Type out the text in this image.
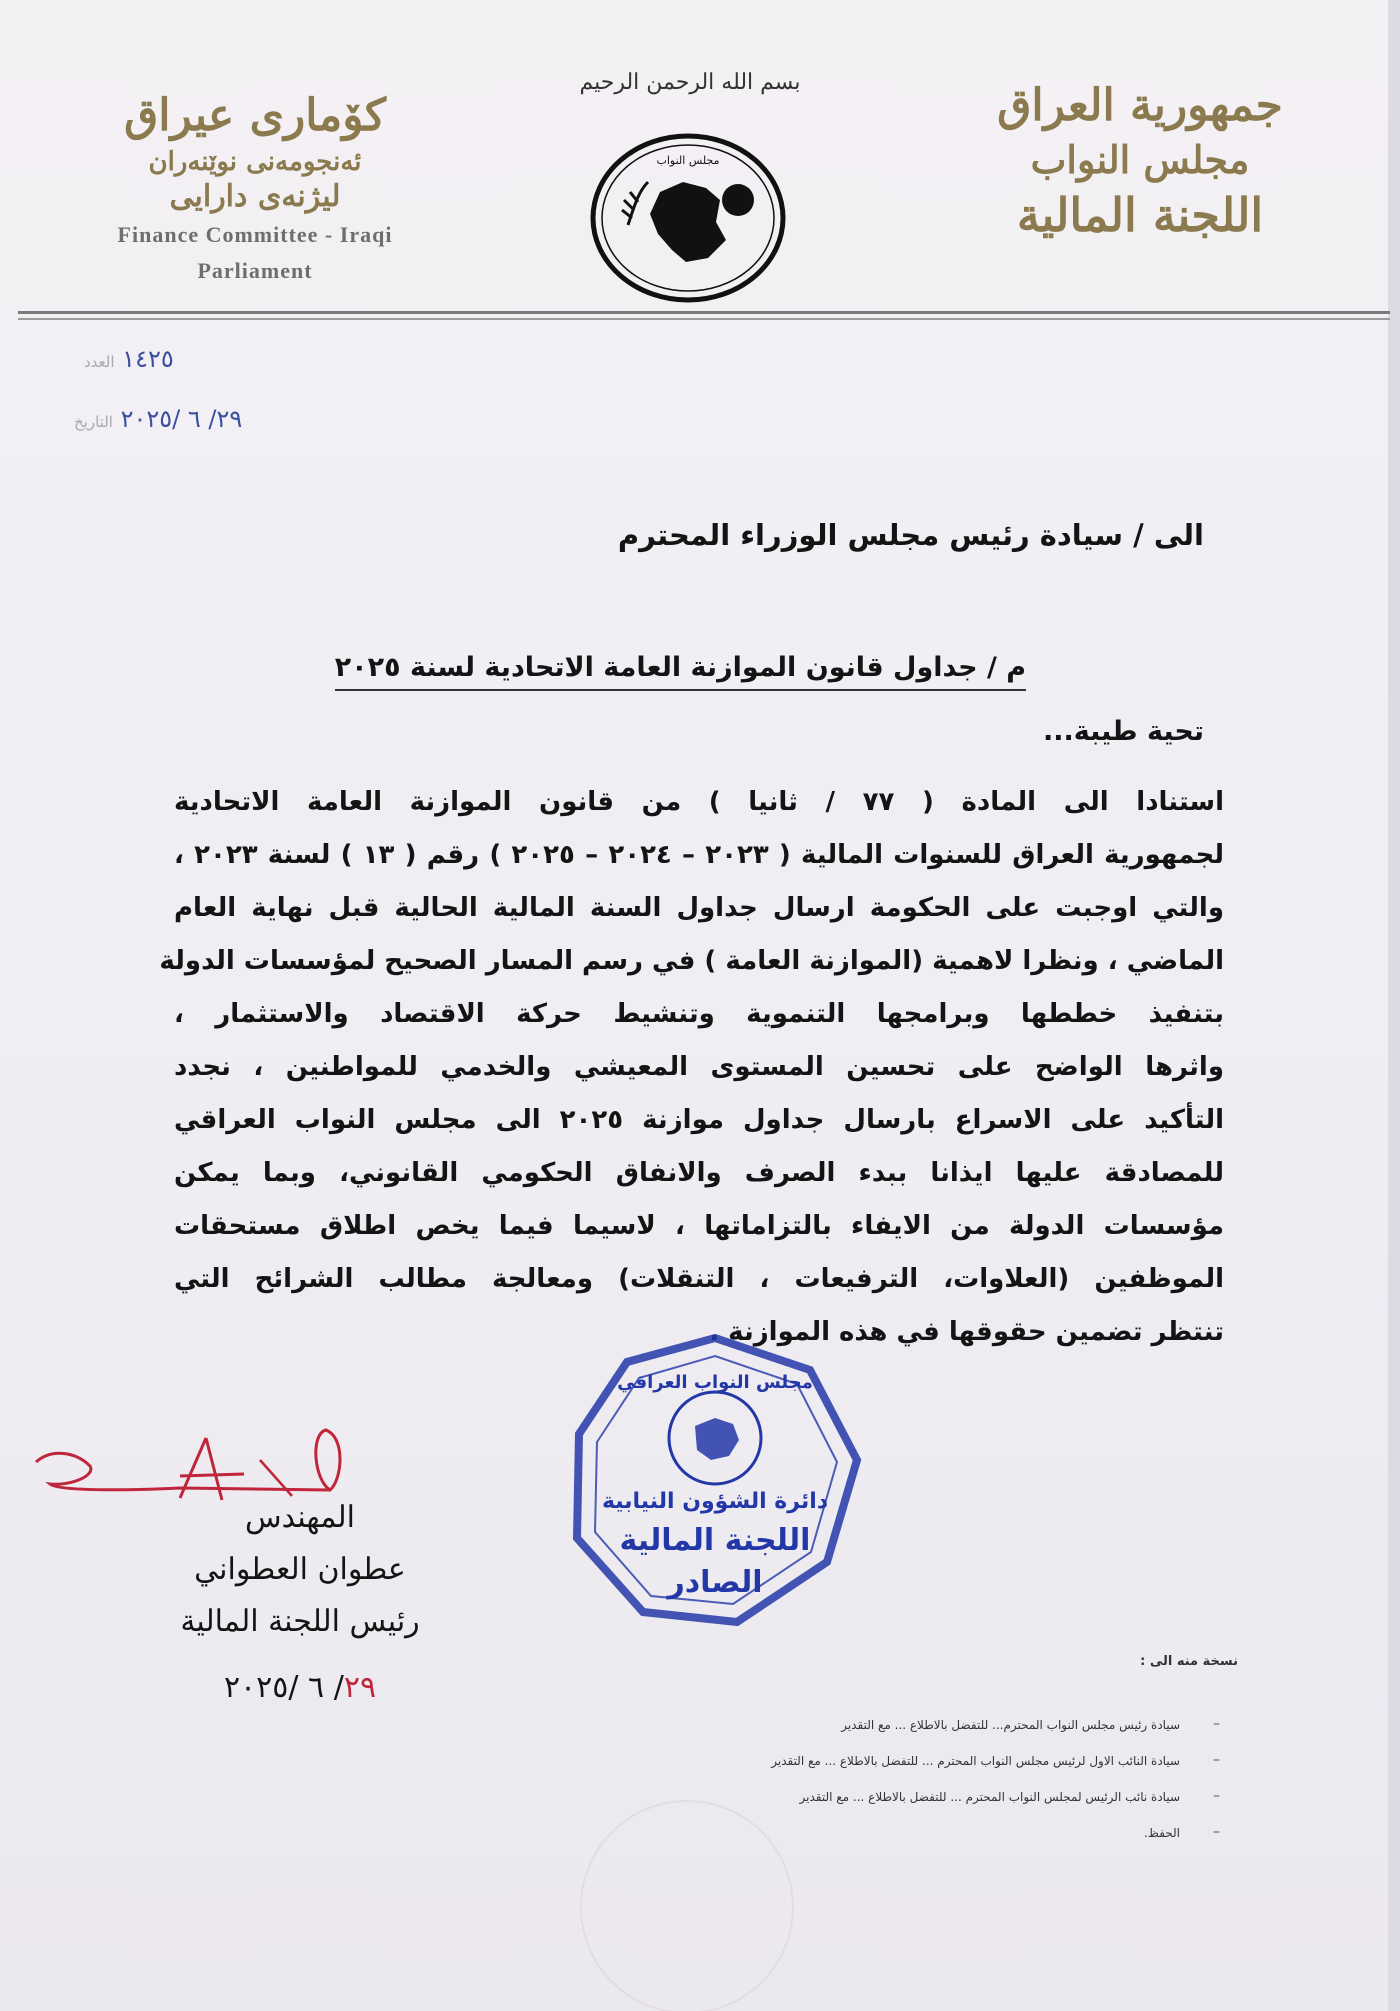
کۆماری عیراق
ئەنجومەنی نوێنەران
لیژنەی دارایی
Finance Committee - Iraqi
Parliament
بسم الله الرحمن الرحيم
مجلس النواب
جمهورية العراق
مجلس النواب
اللجنة المالية
١٤٢٥ العدد
٢٩/ ٦ /٢٠٢٥ التاريخ
الى / سيادة رئيس مجلس الوزراء المحترم
م / جداول قانون الموازنة العامة الاتحادية لسنة ٢٠٢٥
تحية طيبة...
استنادا الى المادة ( ٧٧ / ثانيا ) من قانون الموازنة العامة الاتحادية
لجمهورية العراق للسنوات المالية ( ٢٠٢٣ – ٢٠٢٤ – ٢٠٢٥ ) رقم ( ١٣ ) لسنة ٢٠٢٣ ،
والتي اوجبت على الحكومة ارسال جداول السنة المالية الحالية قبل نهاية العام
الماضي ، ونظرا لاهمية (الموازنة العامة ) في رسم المسار الصحيح لمؤسسات الدولة
بتنفيذ خططها وبرامجها التنموية وتنشيط حركة الاقتصاد والاستثمار ،
واثرها الواضح على تحسين المستوى المعيشي والخدمي للمواطنين ، نجدد
التأكيد على الاسراع بارسال جداول موازنة ٢٠٢٥ الى مجلس النواب العراقي
للمصادقة عليها ايذانا ببدء الصرف والانفاق الحكومي القانوني، وبما يمكن
مؤسسات الدولة من الايفاء بالتزاماتها ، لاسيما فيما يخص اطلاق مستحقات
الموظفين (العلاوات، الترفيعات ، التنقلات) ومعالجة مطالب الشرائح التي
تنتظر تضمين حقوقها في هذه الموازنة .
مجلس النواب العراقي
دائرة الشؤون النيابية
اللجنة المالية
الصادر
المهندس
عطوان العطواني
رئيس اللجنة المالية
٢٩/ ٦ /٢٠٢٥
نسخة منه الى :
–
سيادة رئيس مجلس النواب المحترم... للتفضل بالاطلاع ... مع التقدير
–
سيادة النائب الاول لرئيس مجلس النواب المحترم ... للتفضل بالاطلاع ... مع التقدير
–
سيادة نائب الرئيس لمجلس النواب المحترم ... للتفضل بالاطلاع ... مع التقدير
–
الحفظ.
